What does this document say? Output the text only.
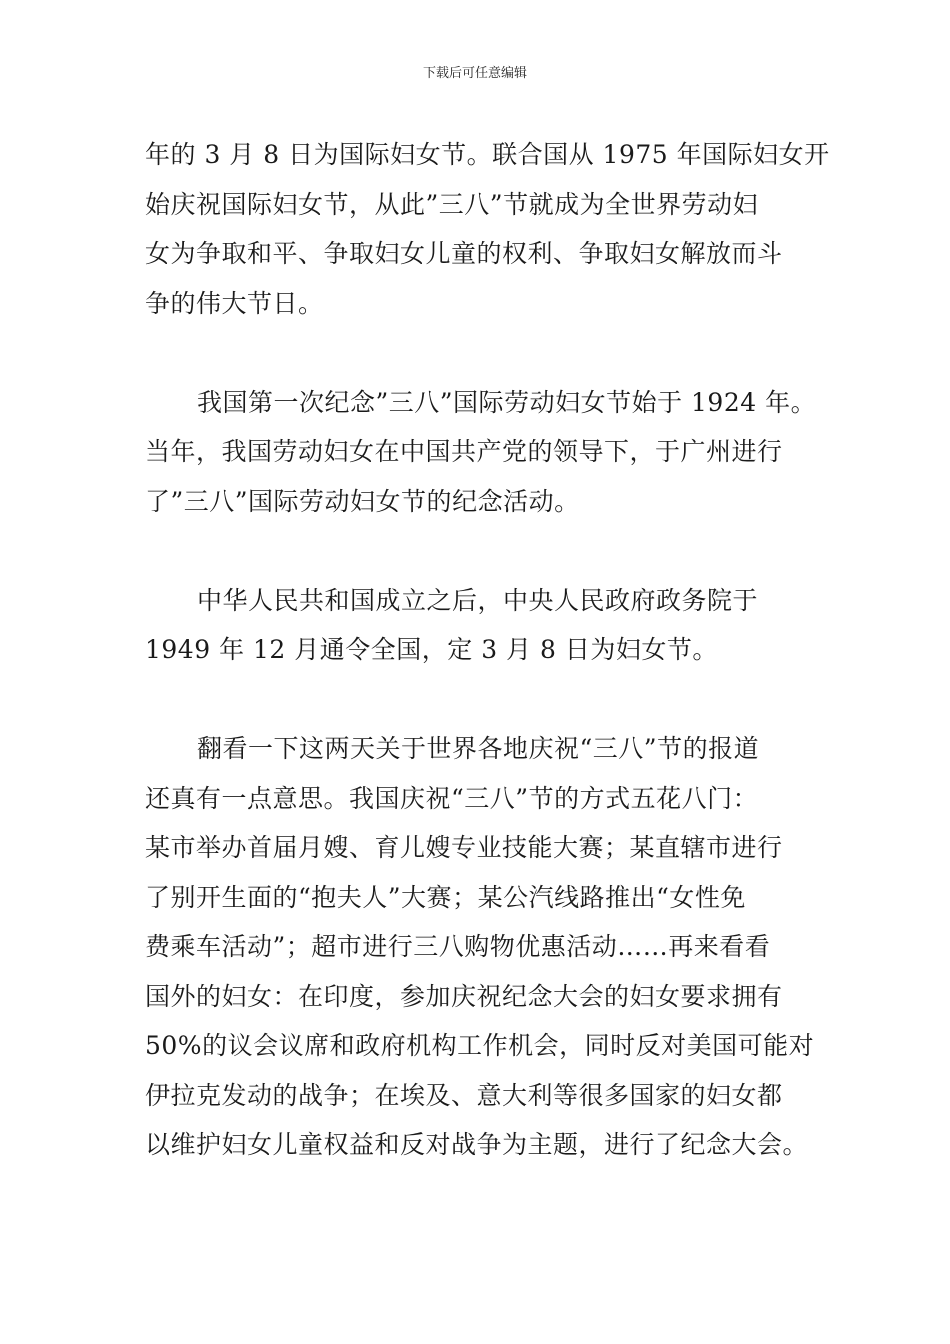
下载后可任意编辑

年的 3 月 8 日为国际妇女节。联合国从 1975 年国际妇女开
始庆祝国际妇女节，从此”三八”节就成为全世界劳动妇
女为争取和平、争取妇女儿童的权利、争取妇女解放而斗
争的伟大节日。

我国第一次纪念”三八”国际劳动妇女节始于 1924 年。
当年，我国劳动妇女在中国共产党的领导下，于广州进行
了”三八”国际劳动妇女节的纪念活动。

中华人民共和国成立之后，中央人民政府政务院于
1949 年 12 月通令全国，定 3 月 8 日为妇女节。

翻看一下这两天关于世界各地庆祝“三八”节的报道
还真有一点意思。我国庆祝“三八”节的方式五花八门：
某市举办首届月嫂、育儿嫂专业技能大赛；某直辖市进行
了别开生面的“抱夫人”大赛；某公汽线路推出“女性免
费乘车活动”；超市进行三八购物优惠活动……再来看看
国外的妇女：在印度，参加庆祝纪念大会的妇女要求拥有
50%的议会议席和政府机构工作机会，同时反对美国可能对
伊拉克发动的战争；在埃及、意大利等很多国家的妇女都
以维护妇女儿童权益和反对战争为主题，进行了纪念大会。
